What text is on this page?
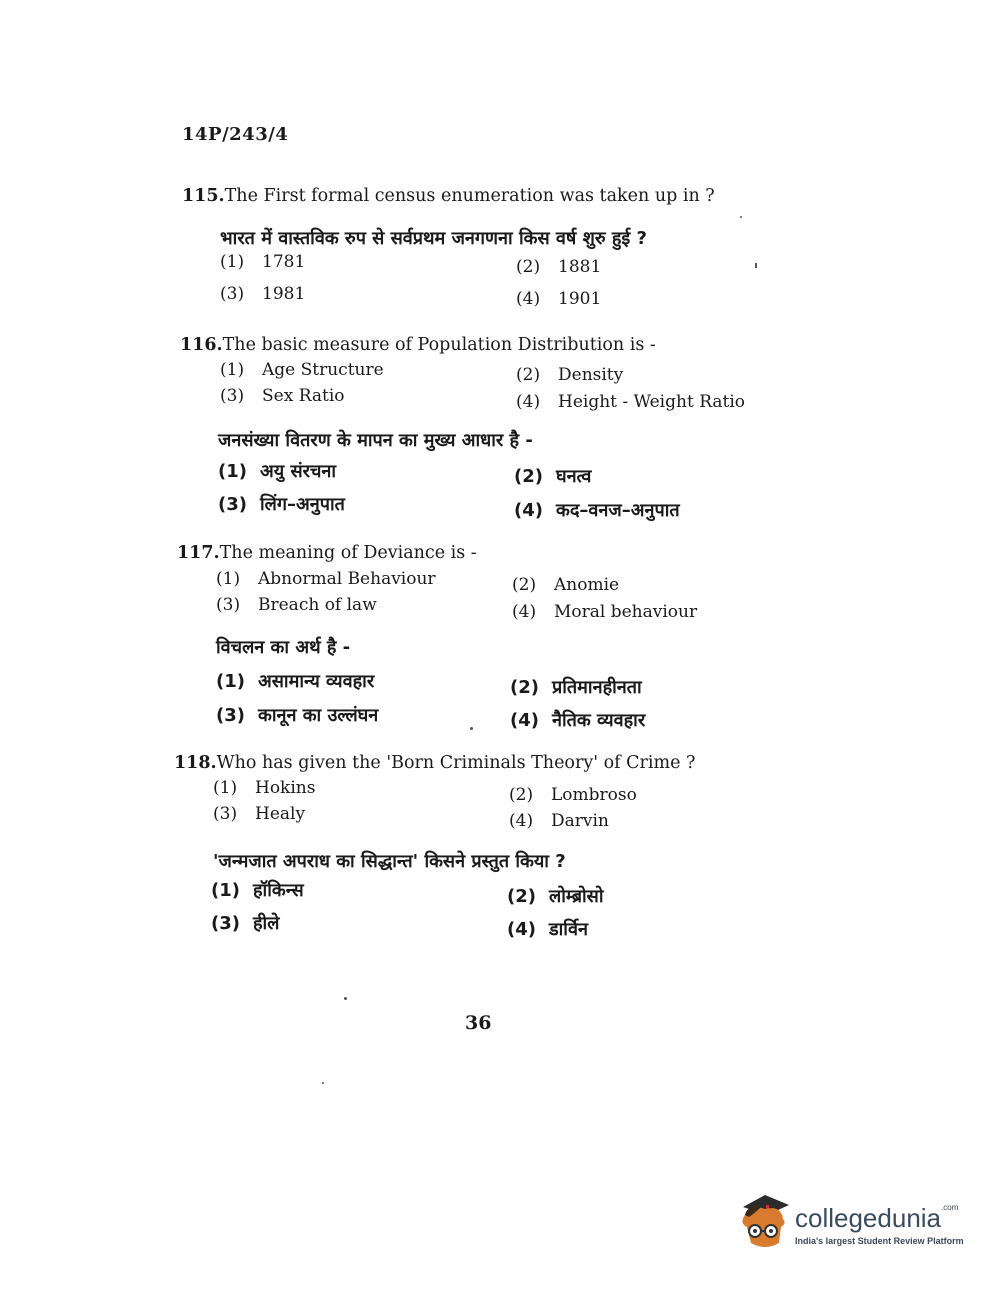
14P/243/4
115.The First formal census enumeration was taken up in ?
भारत में वास्तविक रुप से सर्वप्रथम जनगणना किस वर्ष शुरु हुई ?
(1) 1781	(2) 1881
(3) 1981	(4) 1901
116.The basic measure of Population Distribution is -
(1) Age Structure	(2) Density
(3) Sex Ratio	(4) Height - Weight Ratio
जनसंख्या वितरण के मापन का मुख्य आधार है -
(1) अयु संरचना	(2) घनत्व
(3) लिंग–अनुपात	(4) कद–वनज–अनुपात
117.The meaning of Deviance is -
(1) Abnormal Behaviour	(2) Anomie
(3) Breach of law	(4) Moral behaviour
विचलन का अर्थ है -
(1) असामान्य व्यवहार	(2) प्रतिमानहीनता
(3) कानून का उल्लंघन	(4) नैतिक व्यवहार
118.Who has given the 'Born Criminals Theory' of Crime ?
(1) Hokins	(2) Lombroso
(3) Healy	(4) Darvin
'जन्मजात अपराध का सिद्धान्त' किसने प्रस्तुत किया ?
(1) हॉकिन्स	(2) लोम्ब्रोसो
(3) हीले	(4) डार्विन
36
collegedunia$^{.com}$
India's largest Student Review Platform
